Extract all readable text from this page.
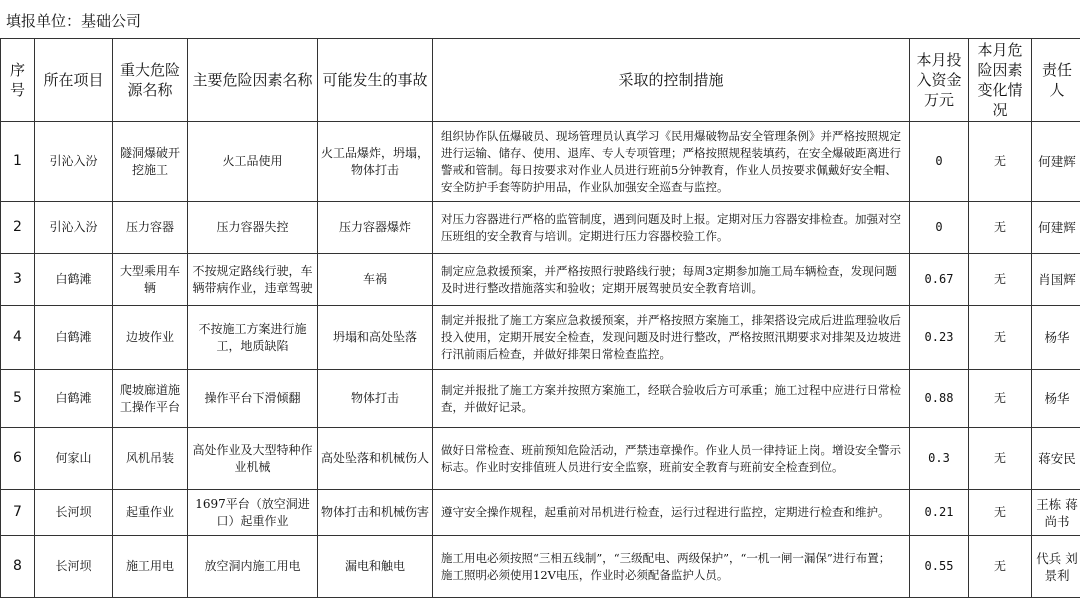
填报单位：基础公司
序号	所在项目	重大危险源名称	主要危险因素名称	可能发生的事故	采取的控制措施	本月投入资金万元	本月危险因素变化情况	责任人
1	引沁入汾	隧洞爆破开挖施工	火工品使用	火工品爆炸，坍塌，物体打击	组织协作队伍爆破员、现场管理员认真学习《民用爆破物品安全管理条例》并严格按照规定进行运输、储存、使用、退库、专人专项管理；严格按照规程装填药，在安全爆破距离进行警戒和管制。每日按要求对作业人员进行班前5分钟教育，作业人员按要求佩戴好安全帽、安全防护手套等防护用品，作业队加强安全巡查与监控。	0	无	何建辉
2	引沁入汾	压力容器	压力容器失控	压力容器爆炸	对压力容器进行严格的监管制度，遇到问题及时上报。定期对压力容器安排检查。加强对空压班组的安全教育与培训。定期进行压力容器校验工作。	0	无	何建辉
3	白鹤滩	大型乘用车辆	不按规定路线行驶，车辆带病作业，违章驾驶	车祸	制定应急救援预案，并严格按照行驶路线行驶；每周3定期参加施工局车辆检查，发现问题及时进行整改措施落实和验收；定期开展驾驶员安全教育培训。	0.67	无	肖国辉
4	白鹤滩	边坡作业	不按施工方案进行施工，地质缺陷	坍塌和高处坠落	制定并报批了施工方案应急救援预案，并严格按照方案施工，排架搭设完成后进监理验收后投入使用，定期开展安全检查，发现问题及时进行整改，严格按照汛期要求对排架及边坡进行汛前雨后检查，并做好排架日常检查监控。	0.23	无	杨华
5	白鹤滩	爬坡廊道施工操作平台	操作平台下滑倾翻	物体打击	制定并报批了施工方案并按照方案施工，经联合验收后方可承重；施工过程中应进行日常检查，并做好记录。	0.88	无	杨华
6	何家山	风机吊装	高处作业及大型特种作业机械	高处坠落和机械伤人	做好日常检查、班前预知危险活动，严禁违章操作。作业人员一律持证上岗。增设安全警示标志。作业时安排值班人员进行安全监察，班前安全教育与班前安全检查到位。	0.3	无	蒋安民
7	长河坝	起重作业	1697平台（放空洞进口）起重作业	物体打击和机械伤害	遵守安全操作规程，起重前对吊机进行检查，运行过程进行监控，定期进行检查和维护。	0.21	无	王栋 蒋尚书
8	长河坝	施工用电	放空洞内施工用电	漏电和触电	施工用电必须按照“三相五线制”，“三级配电、两级保护”，“一机一闸一漏保”进行布置；施工照明必须使用12V电压，作业时必须配备监护人员。	0.55	无	代兵 刘景利
